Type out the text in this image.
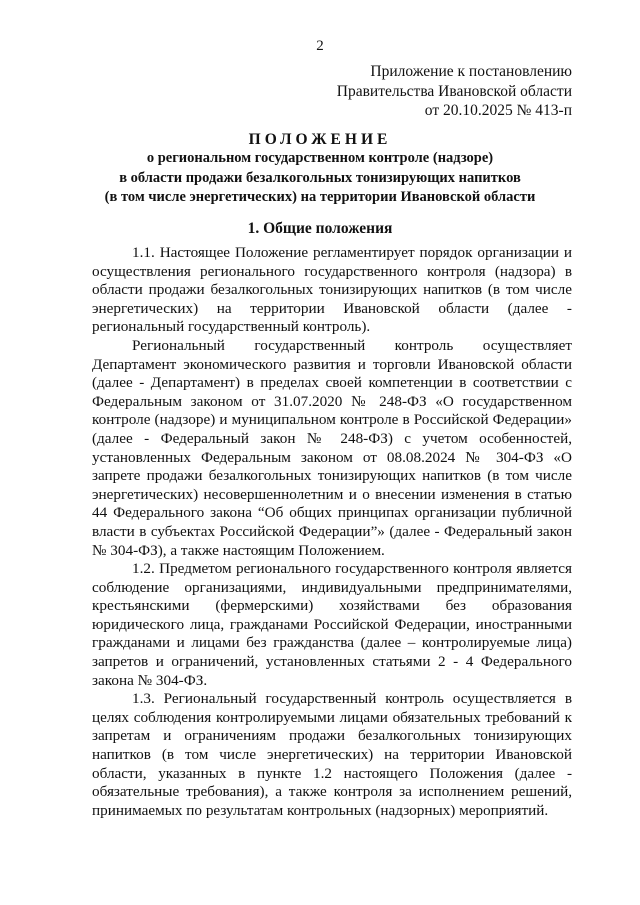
2
Приложение к постановлению
Правительства Ивановской области
от 20.10.2025 № 413-п
ПОЛОЖЕНИЕ
о региональном государственном контроле (надзоре)
в области продажи безалкогольных тонизирующих напитков
(в том числе энергетических) на территории Ивановской области
1. Общие положения

1.1. Настоящее Положение регламентирует порядок организации и осуществления регионального государственного контроля (надзора) в области продажи безалкогольных тонизирующих напитков (в том числе энергетических) на территории Ивановской области (далее - региональный государственный контроль).

Региональный государственный контроль осуществляет Департамент экономического развития и торговли Ивановской области (далее - Департамент) в пределах своей компетенции в соответствии с Федеральным законом от 31.07.2020 № 248-ФЗ «О государственном контроле (надзоре) и муниципальном контроле в Российской Федерации» (далее - Федеральный закон № 248-ФЗ) с учетом особенностей, установленных Федеральным законом от 08.08.2024 № 304-ФЗ «О запрете продажи безалкогольных тонизирующих напитков (в том числе энергетических) несовершеннолетним и о внесении изменения в статью 44 Федерального закона “Об общих принципах организации публичной власти в субъектах Российской Федерации”» (далее - Федеральный закон № 304-ФЗ), а также настоящим Положением.

1.2. Предметом регионального государственного контроля является соблюдение организациями, индивидуальными предпринимателями, крестьянскими (фермерскими) хозяйствами без образования юридического лица, гражданами Российской Федерации, иностранными гражданами и лицами без гражданства (далее – контролируемые лица) запретов и ограничений, установленных статьями 2 - 4 Федерального закона № 304-ФЗ.

1.3. Региональный государственный контроль осуществляется в целях соблюдения контролируемыми лицами обязательных требований к запретам и ограничениям продажи безалкогольных тонизирующих напитков (в том числе энергетических) на территории Ивановской области, указанных в пункте 1.2 настоящего Положения (далее - обязательные требования), а также контроля за исполнением решений, принимаемых по результатам контрольных (надзорных) мероприятий.
